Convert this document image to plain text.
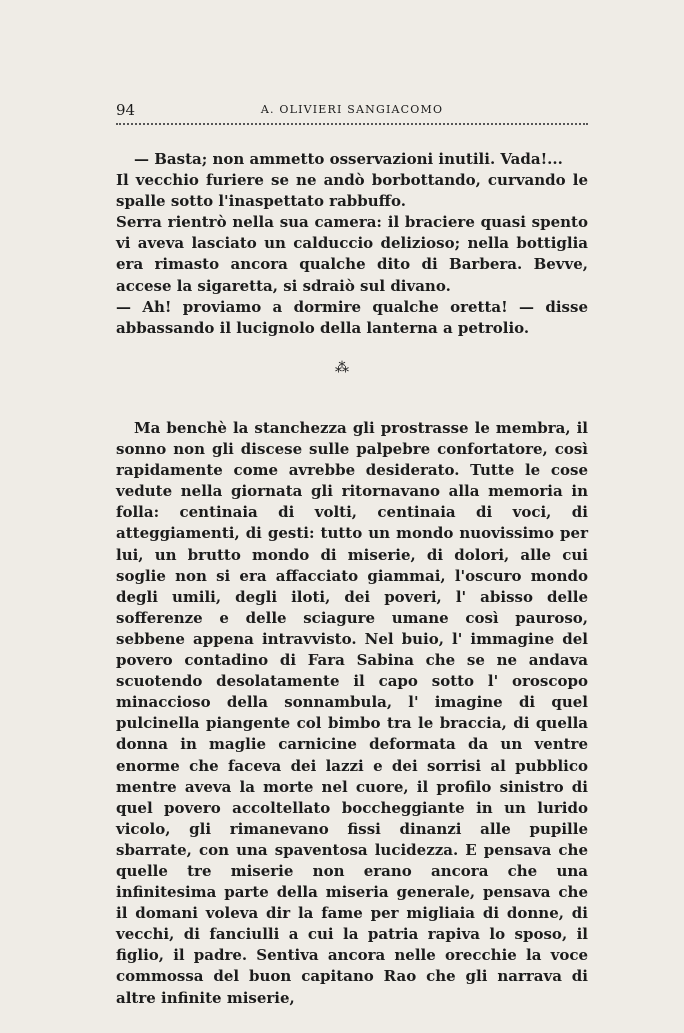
94	A. OLIVIERI SANGIACOMO

— Basta; non ammetto osservazioni inutili. Vada!...
Il vecchio furiere se ne andò borbottando, curvando le spalle sotto l'inaspettato rabbuffo.
Serra rientrò nella sua camera: il braciere quasi spento vi aveva lasciato un calduccio delizioso; nella bottiglia era rimasto ancora qualche dito di Barbera. Bevve, accese la sigaretta, si sdraiò sul divano.
— Ah! proviamo a dormire qualche oretta! — disse abbassando il lucignolo della lanterna a petrolio.

⁂

Ma benchè la stanchezza gli prostrasse le membra, il sonno non gli discese sulle palpebre confortatore, così rapidamente come avrebbe desiderato. Tutte le cose vedute nella giornata gli ritornavano alla memoria in folla: centinaia di volti, centinaia di voci, di atteggiamenti, di gesti: tutto un mondo nuovissimo per lui, un brutto mondo di miserie, di dolori, alle cui soglie non si era affacciato giammai, l'oscuro mondo degli umili, degli iloti, dei poveri, l' abisso delle sofferenze e delle sciagure umane così pauroso, sebbene appena intravvisto. Nel buio, l' immagine del povero contadino di Fara Sabina che se ne andava scuotendo desolatamente il capo sotto l' oroscopo minaccioso della sonnambula, l' imagine di quel pulcinella piangente col bimbo tra le braccia, di quella donna in maglie carnicine deformata da un ventre enorme che faceva dei lazzi e dei sorrisi al pubblico mentre aveva la morte nel cuore, il profilo sinistro di quel povero accoltellato boccheggiante in un lurido vicolo, gli rimanevano fissi dinanzi alle pupille sbarrate, con una spaventosa lucidezza. E pensava che quelle tre miserie non erano ancora che una infinitesima parte della miseria generale, pensava che il domani voleva dir la fame per migliaia di donne, di vecchi, di fanciulli a cui la patria rapiva lo sposo, il figlio, il padre. Sentiva ancora nelle orecchie la voce commossa del buon capitano Rao che gli narrava di altre infinite miserie,
